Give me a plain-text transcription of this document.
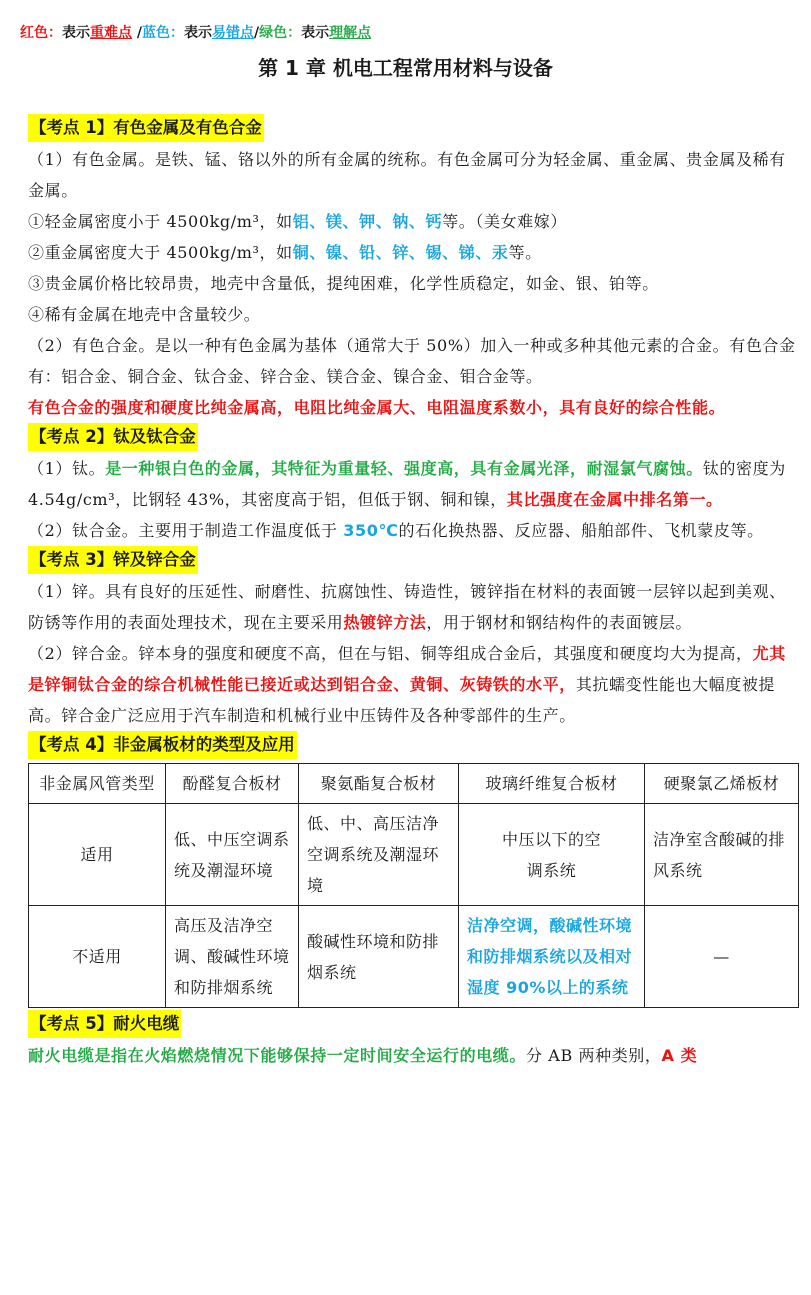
红色：表示重难点 /蓝色：表示易错点/绿色：表示理解点
第 1 章 机电工程常用材料与设备
【考点 1】有色金属及有色合金

（1）有色金属。是铁、锰、铬以外的所有金属的统称。有色金属可分为轻金属、重金属、贵金属及稀有金属。

①轻金属密度小于 4500kg/m³，如铝、镁、钾、钠、钙等。（美女难嫁）

②重金属密度大于 4500kg/m³，如铜、镍、铅、锌、锡、锑、汞等。

③贵金属价格比较昂贵，地壳中含量低，提纯困难，化学性质稳定，如金、银、铂等。

④稀有金属在地壳中含量较少。

（2）有色合金。是以一种有色金属为基体（通常大于 50%）加入一种或多种其他元素的合金。有色合金有：铝合金、铜合金、钛合金、锌合金、镁合金、镍合金、钼合金等。

有色合金的强度和硬度比纯金属高，电阻比纯金属大、电阻温度系数小，具有良好的综合性能。

【考点 2】钛及钛合金

（1）钛。是一种银白色的金属，其特征为重量轻、强度高，具有金属光泽，耐湿氯气腐蚀。钛的密度为 4.54g/cm³，比钢轻 43%，其密度高于铝，但低于钢、铜和镍，其比强度在金属中排名第一。

（2）钛合金。主要用于制造工作温度低于 350℃的石化换热器、反应器、船舶部件、飞机蒙皮等。

【考点 3】锌及锌合金

（1）锌。具有良好的压延性、耐磨性、抗腐蚀性、铸造性，镀锌指在材料的表面镀一层锌以起到美观、防锈等作用的表面处理技术，现在主要采用热镀锌方法，用于钢材和钢结构件的表面镀层。

（2）锌合金。锌本身的强度和硬度不高，但在与铝、铜等组成合金后，其强度和硬度均大为提高，尤其是锌铜钛合金的综合机械性能已接近或达到铝合金、黄铜、灰铸铁的水平，其抗蠕变性能也大幅度被提高。锌合金广泛应用于汽车制造和机械行业中压铸件及各种零部件的生产。

【考点 4】非金属板材的类型及应用
非金属风管类型	酚醛复合板材	聚氨酯复合板材	玻璃纤维复合板材	硬聚氯乙烯板材
适用	低、中压空调系统及潮湿环境	低、中、高压洁净空调系统及潮湿环境	中压以下的空调系统	洁净室含酸碱的排风系统
不适用	高压及洁净空调、酸碱性环境和防排烟系统	酸碱性环境和防排烟系统	洁净空调，酸碱性环境和防排烟系统以及相对湿度 90%以上的系统	—
【考点 5】耐火电缆

耐火电缆是指在火焰燃烧情况下能够保持一定时间安全运行的电缆。分 AB 两种类别，A 类
